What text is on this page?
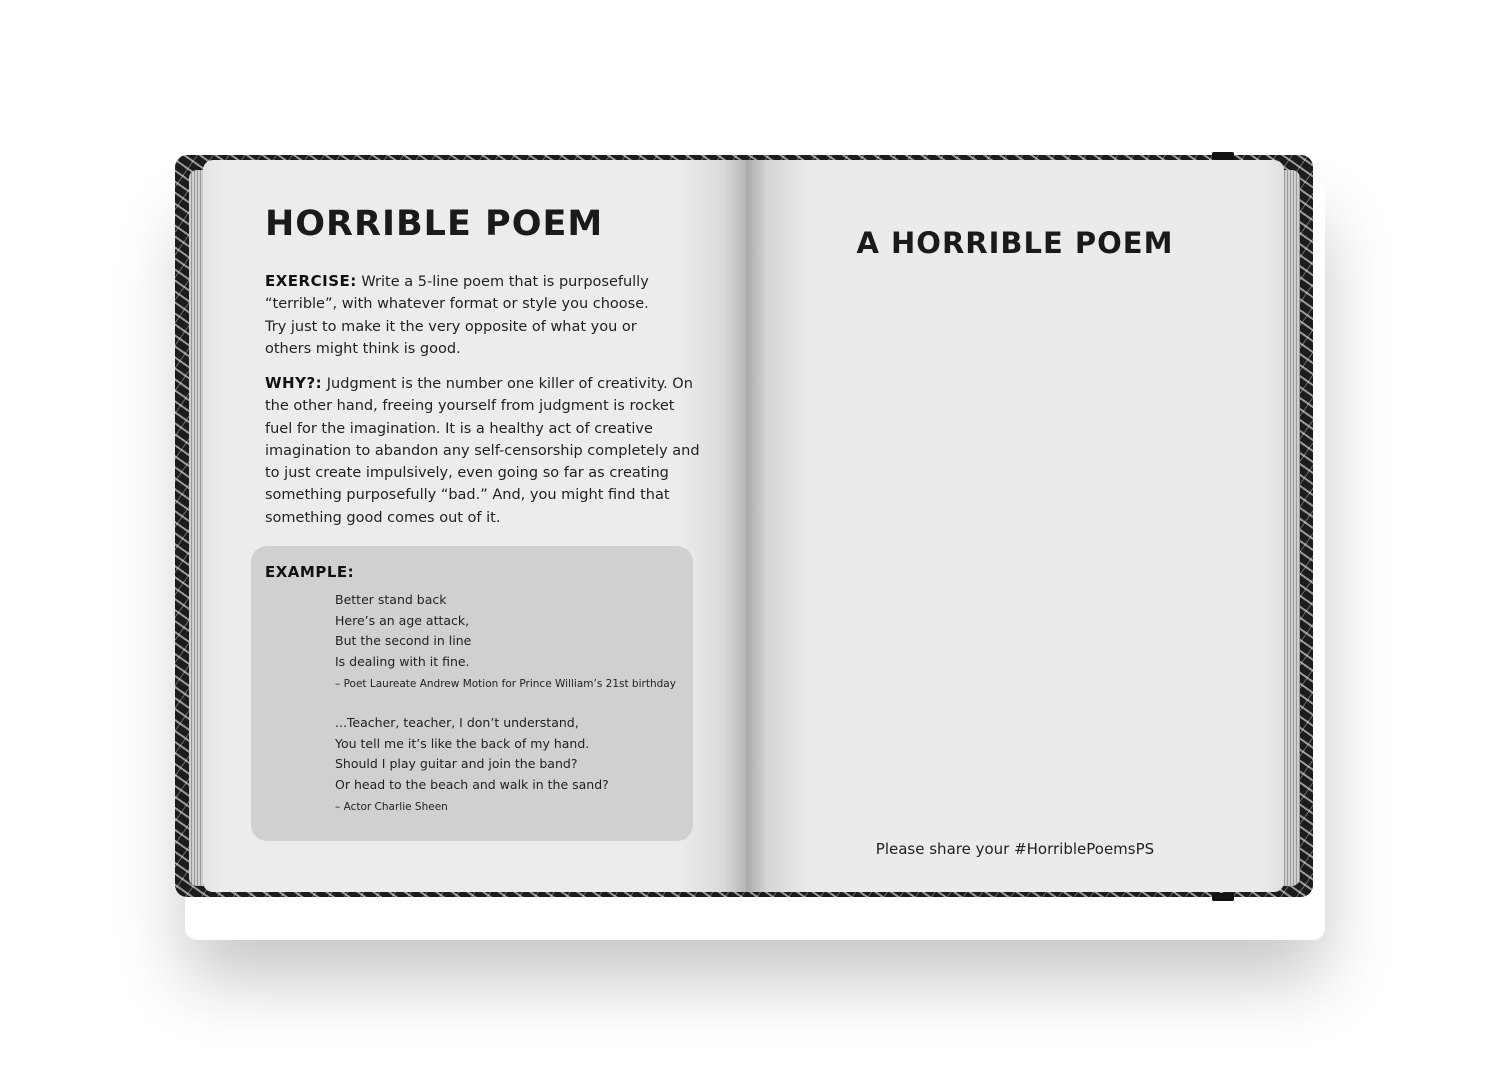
HORRIBLE POEM

EXERCISE: Write a 5-line poem that is purposefully “terrible”, with whatever format or style you choose. Try just to make it the very opposite of what you or others might think is good.

WHY?: Judgment is the number one killer of creativity. On the other hand, freeing yourself from judgment is rocket fuel for the imagination. It is a healthy act of creative imagination to abandon any self-censorship completely and to just create impulsively, even going so far as creating something purposefully “bad.” And, you might find that something good comes out of it.

EXAMPLE:
Better stand back
Here’s an age attack,
But the second in line
Is dealing with it fine.
– Poet Laureate Andrew Motion for Prince William’s 21st birthday
...Teacher, teacher, I don’t understand,
You tell me it’s like the back of my hand.
Should I play guitar and join the band?
Or head to the beach and walk in the sand?
– Actor Charlie Sheen
A HORRIBLE POEM
Please share your #HorriblePoemsPS
